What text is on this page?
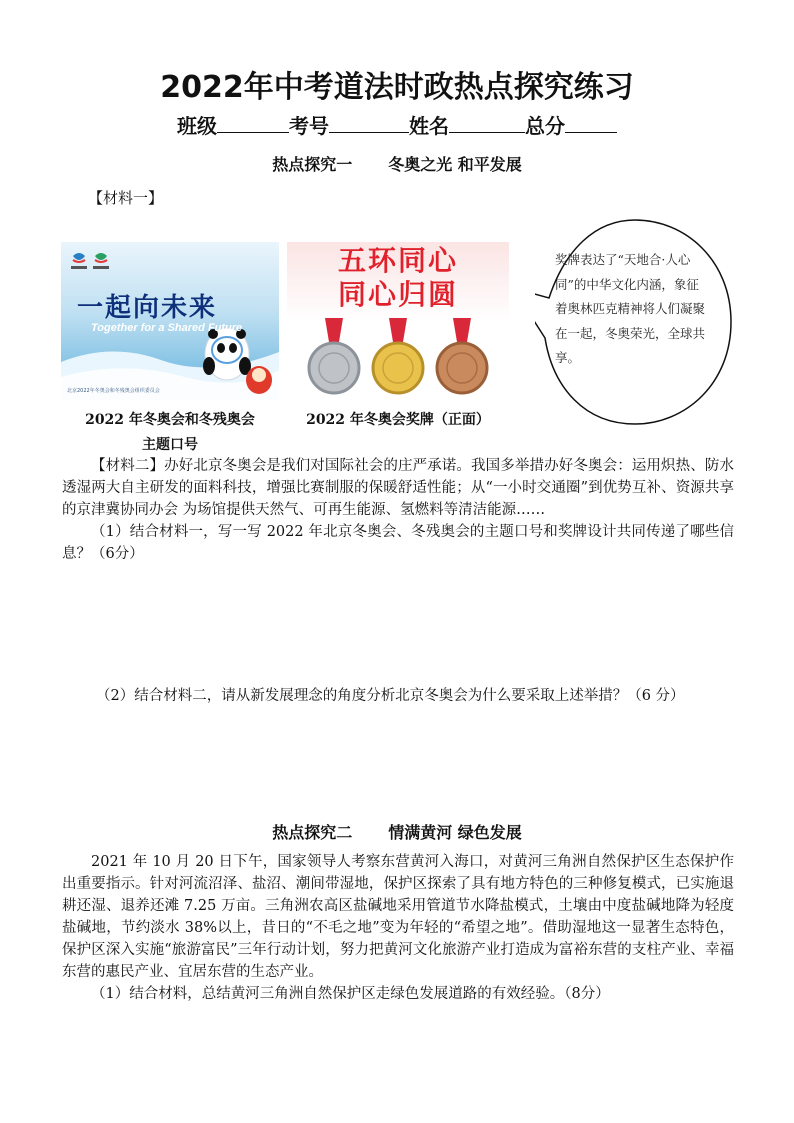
2022年中考道法时政热点探究练习
班级	考号	姓名	总分
热点探究一 冬奥之光 和平发展
【材料一】
北京2022年冬奥会和冬残奥会组织委员会
一起向未来
Together for a Shared Future
五环同心
同心归圆
2022 年冬奥会和冬残奥会
主题口号
2022 年冬奥会奖牌（正面）
奖牌表达了“天地合·人心同”的中华文化内涵，象征着奥林匹克精神将人们凝聚在一起，冬奥荣光，全球共享。
【材料二】办好北京冬奥会是我们对国际社会的庄严承诺。我国多举措办好冬奥会：运用炽热、防水透湿两大自主研发的面料科技，增强比赛制服的保暖舒适性能；从“一小时交通圈”到优势互补、资源共享的京津冀协同办会 为场馆提供天然气、可再生能源、氢燃料等清洁能源……
（1）结合材料一，写一写 2022 年北京冬奥会、冬残奥会的主题口号和奖牌设计共同传递了哪些信息？（6分）
（2）结合材料二，请从新发展理念的角度分析北京冬奥会为什么要采取上述举措？（6 分）
热点探究二 情满黄河 绿色发展
2021 年 10 月 20 日下午，国家领导人考察东营黄河入海口，对黄河三角洲自然保护区生态保护作出重要指示。针对河流沼泽、盐沼、潮间带湿地，保护区探索了具有地方特色的三种修复模式，已实施退耕还湿、退养还滩 7.25 万亩。三角洲农高区盐碱地采用管道节水降盐模式，土壤由中度盐碱地降为轻度盐碱地，节约淡水 38%以上，昔日的“不毛之地”变为年轻的“希望之地”。借助湿地这一显著生态特色，保护区深入实施“旅游富民”三年行动计划，努力把黄河文化旅游产业打造成为富裕东营的支柱产业、幸福东营的惠民产业、宜居东营的生态产业。
（1）结合材料，总结黄河三角洲自然保护区走绿色发展道路的有效经验。（8分）
